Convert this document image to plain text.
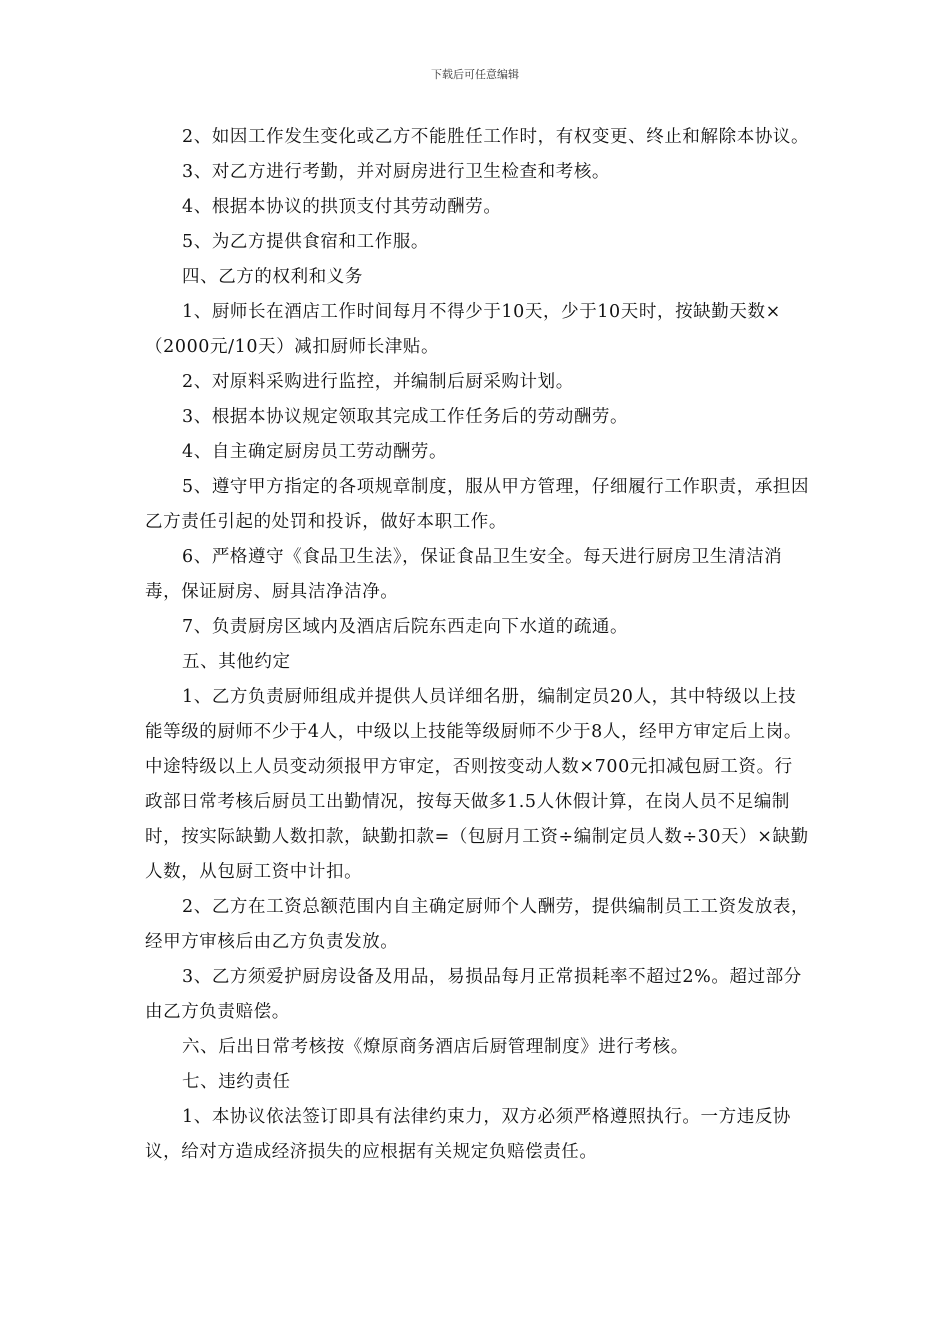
下载后可任意编辑

2、如因工作发生变化或乙方不能胜任工作时，有权变更、终止和解除本协议。

3、对乙方进行考勤，并对厨房进行卫生检查和考核。

4、根据本协议的拱顶支付其劳动酬劳。

5、为乙方提供食宿和工作服。

四、乙方的权利和义务

1、厨师长在酒店工作时间每月不得少于10天，少于10天时，按缺勤天数×（2000元/10天）减扣厨师长津贴。

2、对原料采购进行监控，并编制后厨采购计划。

3、根据本协议规定领取其完成工作任务后的劳动酬劳。

4、自主确定厨房员工劳动酬劳。

5、遵守甲方指定的各项规章制度，服从甲方管理，仔细履行工作职责，承担因乙方责任引起的处罚和投诉，做好本职工作。

6、严格遵守《食品卫生法》，保证食品卫生安全。每天进行厨房卫生清洁消毒，保证厨房、厨具洁净洁净。

7、负责厨房区域内及酒店后院东西走向下水道的疏通。

五、其他约定

1、乙方负责厨师组成并提供人员详细名册，编制定员20人，其中特级以上技能等级的厨师不少于4人，中级以上技能等级厨师不少于8人，经甲方审定后上岗。中途特级以上人员变动须报甲方审定，否则按变动人数×700元扣减包厨工资。行政部日常考核后厨员工出勤情况，按每天做多1.5人休假计算，在岗人员不足编制时，按实际缺勤人数扣款，缺勤扣款=（包厨月工资÷编制定员人数÷30天）×缺勤人数，从包厨工资中计扣。

2、乙方在工资总额范围内自主确定厨师个人酬劳，提供编制员工工资发放表，经甲方审核后由乙方负责发放。

3、乙方须爱护厨房设备及用品，易损品每月正常损耗率不超过2%。超过部分由乙方负责赔偿。

六、后出日常考核按《燎原商务酒店后厨管理制度》进行考核。

七、违约责任

1、本协议依法签订即具有法律约束力，双方必须严格遵照执行。一方违反协议，给对方造成经济损失的应根据有关规定负赔偿责任。
